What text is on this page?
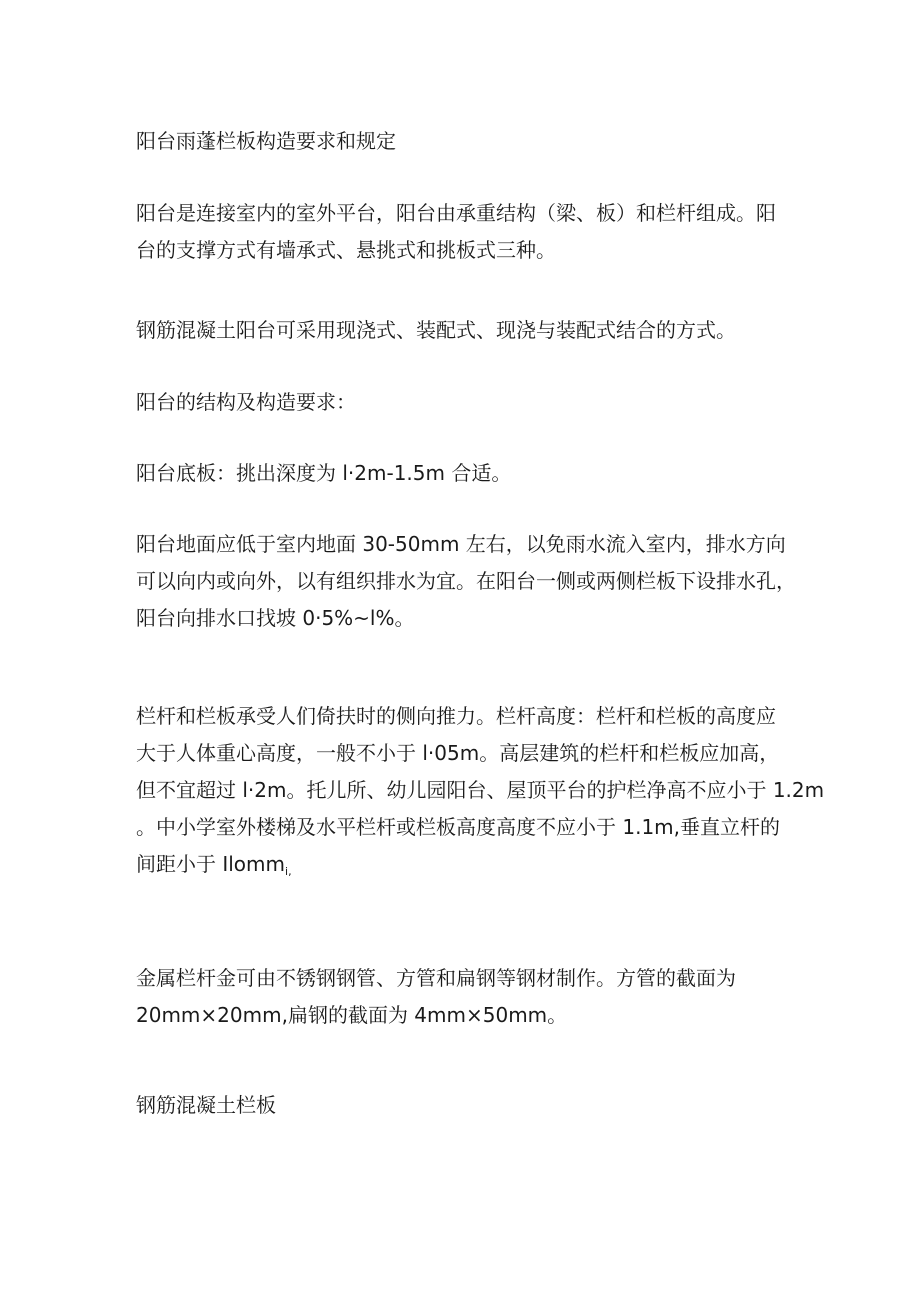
阳台雨蓬栏板构造要求和规定

阳台是连接室内的室外平台，阳台由承重结构（梁、板）和栏杆组成。阳
台的支撑方式有墙承式、悬挑式和挑板式三种。

钢筋混凝土阳台可采用现浇式、装配式、现浇与装配式结合的方式。

阳台的结构及构造要求：

阳台底板：挑出深度为 l·2m-1.5m 合适。

阳台地面应低于室内地面 30-50mm 左右，以免雨水流入室内，排水方向
可以向内或向外，以有组织排水为宜。在阳台一侧或两侧栏板下设排水孔，
阳台向排水口找坡 0·5%~l%。

栏杆和栏板承受人们倚扶时的侧向推力。栏杆高度：栏杆和栏板的高度应
大于人体重心高度，一般不小于 l·05m。高层建筑的栏杆和栏板应加高，
但不宜超过 l·2m。托儿所、幼儿园阳台、屋顶平台的护栏净高不应小于 1.2m
。中小学室外楼梯及水平栏杆或栏板高度高度不应小于 1.1m,垂直立杆的
间距小于 Ilomm$_{i,}$

金属栏杆金可由不锈钢钢管、方管和扁钢等钢材制作。方管的截面为
20mm×20mm,扁钢的截面为 4mm×50mm。

钢筋混凝土栏板
